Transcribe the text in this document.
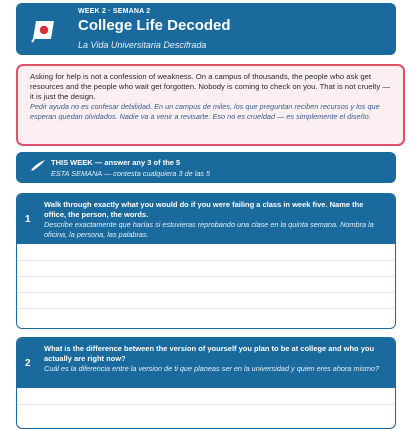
WEEK 2 · SEMANA 2
College Life Decoded
La Vida Universitaria Descifrada

Asking for help is not a confession of weakness. On a campus of thousands, the people who ask get resources and the people who wait get forgotten. Nobody is coming to check on you. That is not cruelty — it is just the design.

Pedir ayuda no es confesar debilidad. En un campus de miles, los que preguntan reciben recursos y los que esperan quedan olvidados. Nadie va a venir a revisarte. Eso no es crueldad — es simplemente el diseño.

THIS WEEK — answer any 3 of the 5
ESTA SEMANA — contesta cualquiera 3 de las 5
1

Walk through exactly what you would do if you were failing a class in week five. Name the office, the person, the words.

Describe exactamente que harías si estuvieras reprobando una clase en la quinta semana. Nombra la oficina, la persona, las palabras.

2

What is the difference between the version of yourself you plan to be at college and who you actually are right now?

Cuál es la diferencia entre la version de ti que planeas ser en la universidad y quien eres ahora mismo?
